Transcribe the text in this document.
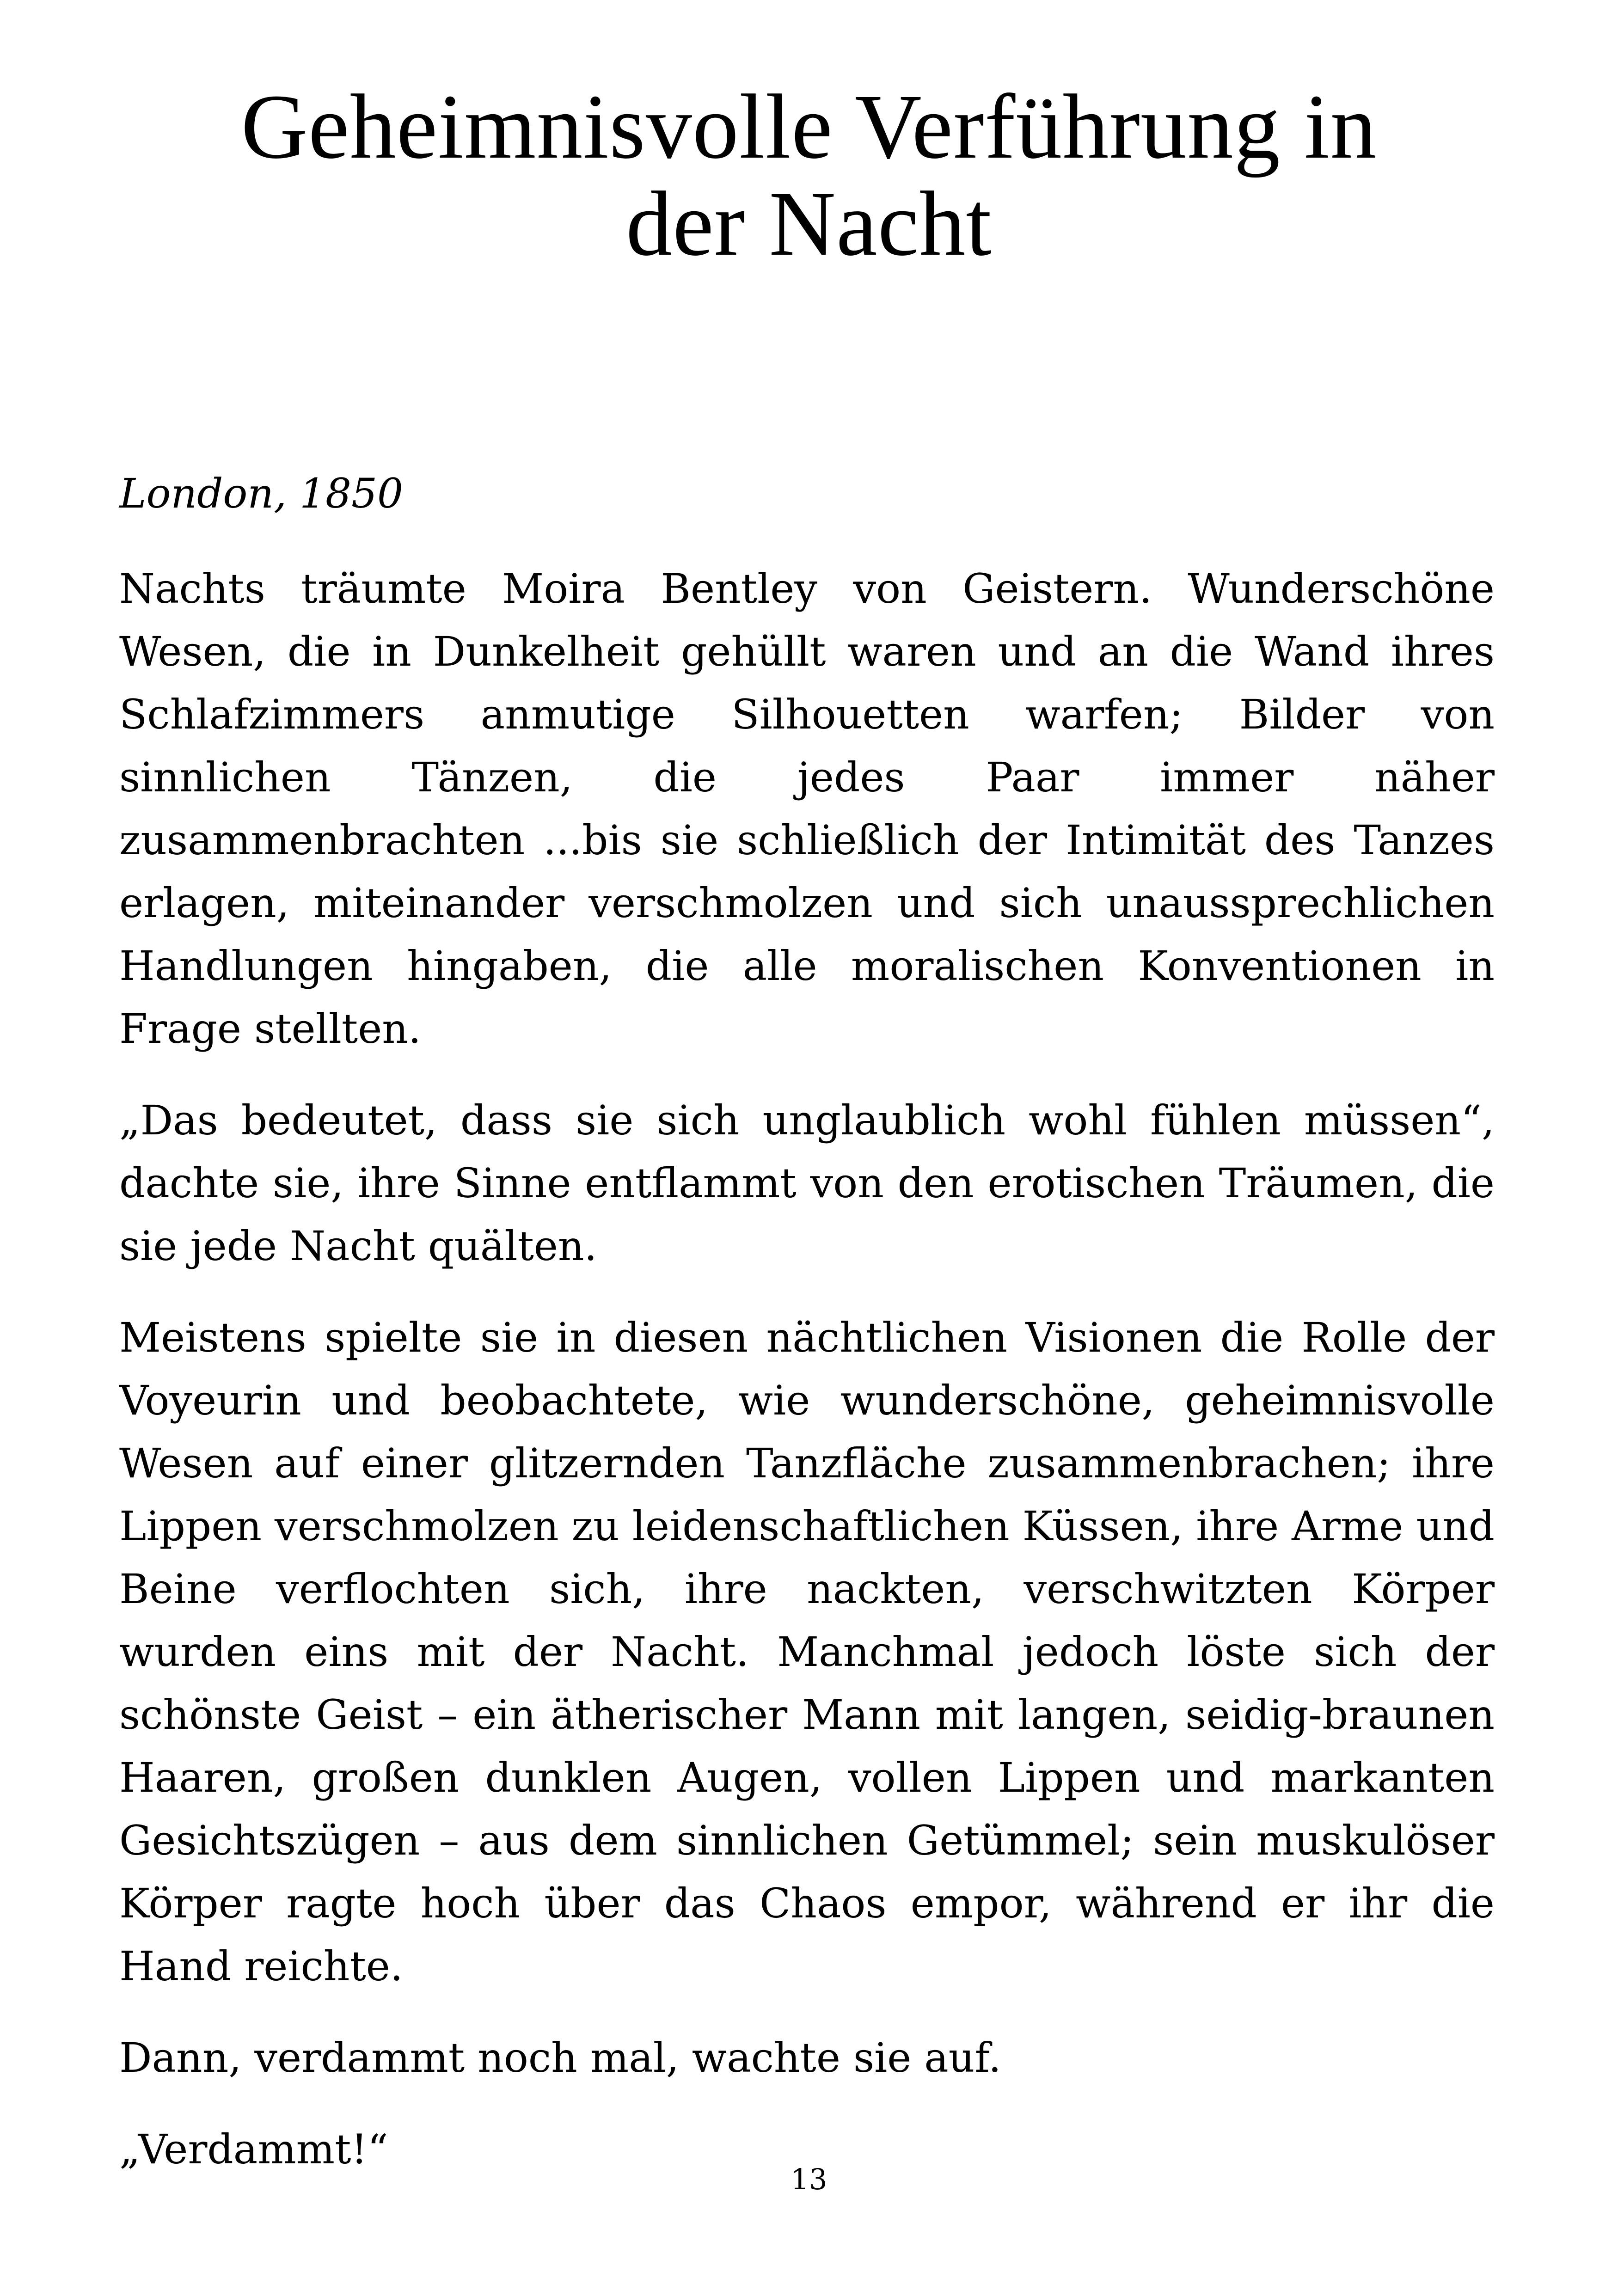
Geheimnisvolle Verführung in
der Nacht

London, 1850

Nachts träumte Moira Bentley von Geistern. Wunderschöne Wesen, die in Dunkelheit gehüllt waren und an die Wand ihres Schlafzimmers anmutige Silhouetten warfen; Bilder von sinnlichen Tänzen, die jedes Paar immer näher zusammenbrachten ...bis sie schließlich der Intimität des Tanzes erlagen, miteinander verschmolzen und sich unaussprechlichen Handlungen hingaben, die alle moralischen Konventionen in Frage stellten.

„Das bedeutet, dass sie sich unglaublich wohl fühlen müssen“, dachte sie, ihre Sinne entflammt von den erotischen Träumen, die sie jede Nacht quälten.

Meistens spielte sie in diesen nächtlichen Visionen die Rolle der Voyeurin und beobachtete, wie wunderschöne, geheimnisvolle Wesen auf einer glitzernden Tanzfläche zusammenbrachen; ihre Lippen verschmolzen zu leidenschaftlichen Küssen, ihre Arme und Beine verflochten sich, ihre nackten, verschwitzten Körper wurden eins mit der Nacht. Manchmal jedoch löste sich der schönste Geist – ein ätherischer Mann mit langen, seidig-braunen Haaren, großen dunklen Augen, vollen Lippen und markanten Gesichtszügen – aus dem sinnlichen Getümmel; sein muskulöser Körper ragte hoch über das Chaos empor, während er ihr die Hand reichte.

Dann, verdammt noch mal, wachte sie auf.

„Verdammt!“

13
